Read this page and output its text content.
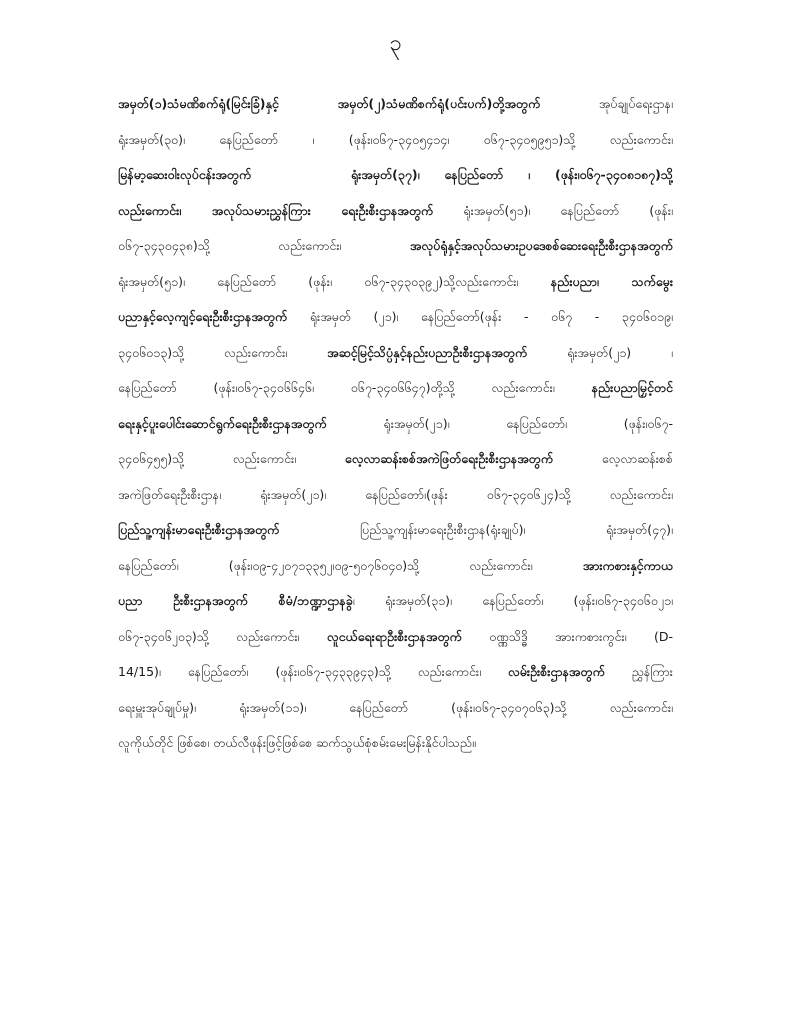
၃
အမှတ်(၁)သံမဏိစက်ရုံ(မြင်းခြံ)နှင့် အမှတ်(၂)သံမဏိစက်ရုံ(ပင်းပက်)တို့အတွက် အုပ်ချုပ်ရေးဌာန၊
ရုံးအမှတ်(၃၀)၊ နေပြည်တော် ၊ (ဖုန်း၊၀၆၇-၃၄၀၅၄၁၄၊ ၀၆၇-၃၄၀၅၉၅၁)သို့ လည်းကောင်း၊
မြန်မာ့ဆေးဝါးလုပ်ငန်းအတွက်    ရုံးအမှတ်(၃၇)၊ နေပြည်တော် ၊ (ဖုန်း၊၀၆၇-၃၄၀၈၁၈၇)သို့
လည်းကောင်း၊ အလုပ်သမားညွှန်ကြား ရေးဦးစီးဌာနအတွက် ရုံးအမှတ်(၅၁)၊ နေပြည်တော် (ဖုန်း၊
၀၆၇-၃၄၃၀၄၃၈)သို့ လည်းကောင်း၊ အလုပ်ရုံနှင့်အလုပ်သမားဥပဒေစစ်ဆေးရေးဦးစီးဌာနအတွက်
ရုံးအမှတ်(၅၁)၊ နေပြည်တော် (ဖုန်း၊ ၀၆၇-၃၄၃၀၃၉၂)သို့လည်းကောင်း၊ နည်းပညာ၊ သက်မွေး
ပညာနှင့်လေ့ကျင့်ရေးဦးစီးဌာနအတွက် ရုံးအမှတ် (၂၁)၊ နေပြည်တော်(ဖုန်း - ၀၆၇ - ၃၄၀၆၀၁၉၊
၃၄၀၆၀၁၃)သို့ လည်းကောင်း၊ အဆင့်မြင့်သိပ္ပံနှင့်နည်းပညာဦးစီးဌာနအတွက် ရုံးအမှတ်(၂၁) ၊
နေပြည်တော် (ဖုန်း၊၀၆၇-၃၄၀၆၆၄၆၊ ၀၆၇-၃၄၀၆၆၄၇)တို့သို့ လည်းကောင်း၊ နည်းပညာမြှင့်တင်
ရေးနှင့်ပူးပေါင်းဆောင်ရွက်ရေးဦးစီးဌာနအတွက်  ရုံးအမှတ်(၂၁)၊  နေပြည်တော်၊  (ဖုန်း၊၀၆၇-
၃၄၀၆၄၅၅)သို့ လည်းကောင်း၊ လေ့လာဆန်းစစ်အကဲဖြတ်ရေးဦးစီးဌာနအတွက် လေ့လာဆန်းစစ်
အကဲဖြတ်ရေးဦးစီးဌာန၊ ရုံးအမှတ်(၂၁)၊ နေပြည်တော်၊(ဖုန်း ၀၆၇-၃၄၀၆၂၄)သို့ လည်းကောင်း၊
ပြည်သူ့ကျန်းမာရေးဦးစီးဌာနအတွက်  ပြည်သူ့ကျန်းမာရေးဦးစီးဌာန(ရုံးချုပ်)၊  ရုံးအမှတ်(၄၇)၊
နေပြည်တော်၊ (ဖုန်း၊၀၉-၄၂၀၇၁၃၃၅၂၊၀၉-၅၀၇၆၀၄၀)သို့ လည်းကောင်း၊ အားကစားနှင့်ကာယ
ပညာ ဦးစီးဌာနအတွက် စီမံ/ဘဏ္ဍာဌာနခွဲ၊ ရုံးအမှတ်(၃၁)၊ နေပြည်တော်၊ (ဖုန်း၊၀၆၇-၃၄၀၆၀၂၁၊
၀၆၇-၃၄၀၆၂၀၃)သို့ လည်းကောင်း၊ လူငယ်ရေးရာဦးစီးဌာနအတွက် ဝဏ္ဏသိဒ္ဓိ အားကစားကွင်း၊ (D-
14/15)၊ နေပြည်တော်၊ (ဖုန်း၊၀၆၇-၃၄၃၃၉၄၃)သို့ လည်းကောင်း၊ လမ်းဦးစီးဌာနအတွက် ညွှန်ကြား
ရေးမှူးအုပ်ချုပ်မှု)၊ ရုံးအမှတ်(၁၁)၊ နေပြည်တော် (ဖုန်း၊၀၆၇-၃၄၀၇၀၆၃)သို့ လည်းကောင်း၊
လူကိုယ်တိုင် ဖြစ်စေ၊ တယ်လီဖုန်းဖြင့်ဖြစ်စေ ဆက်သွယ်စုံစမ်းမေးမြန်းနိုင်ပါသည်။
